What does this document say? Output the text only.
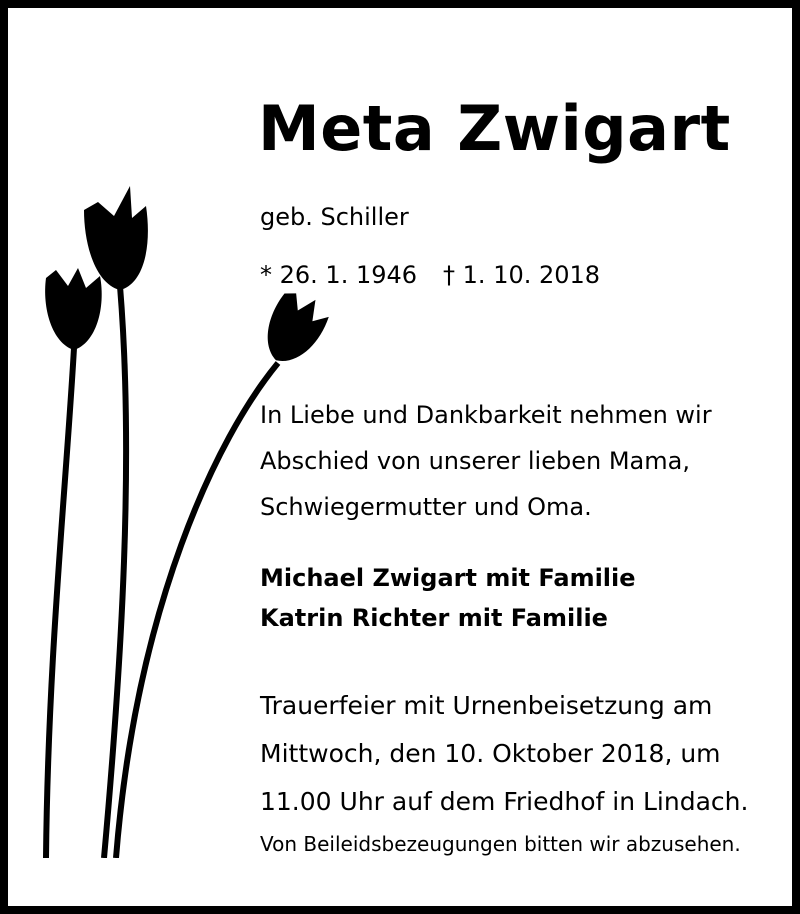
Meta Zwigart
geb. Schiller
* 26. 1. 1946 † 1. 10. 2018
In Liebe und Dankbarkeit nehmen wir
Abschied von unserer lieben Mama,
Schwiegermutter und Oma.
Michael Zwigart mit Familie
Katrin Richter mit Familie
Trauerfeier mit Urnenbeisetzung am
Mittwoch, den 10. Oktober 2018, um
11.00 Uhr auf dem Friedhof in Lindach.
Von Beileidsbezeugungen bitten wir abzusehen.
